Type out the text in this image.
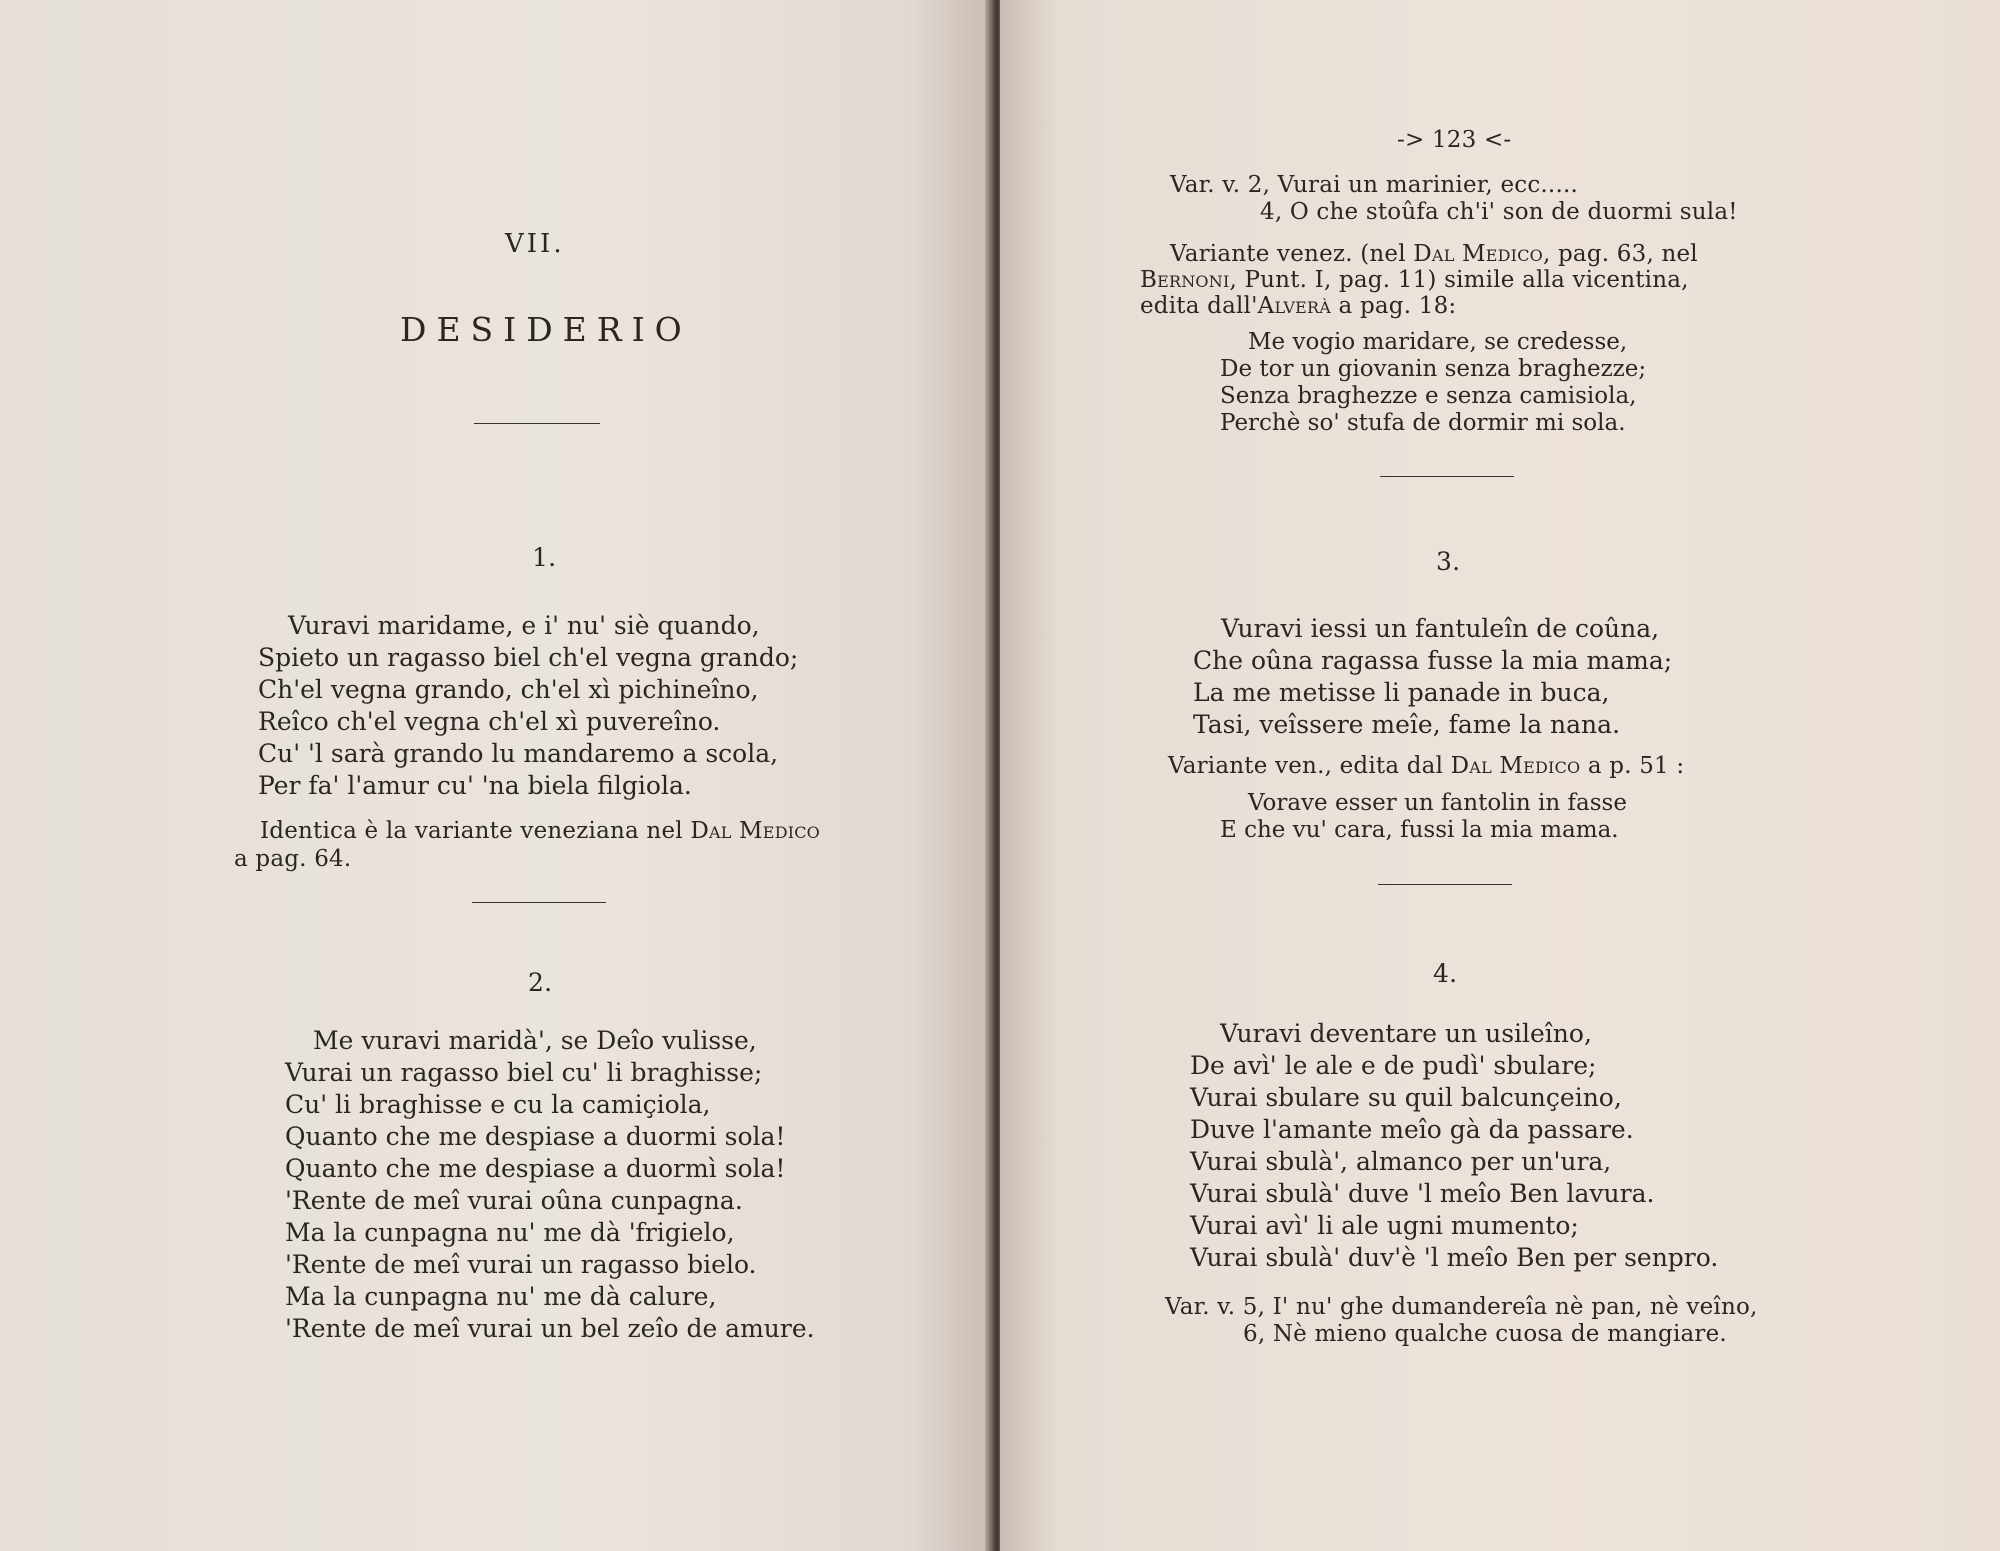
VII.
DESIDERIO
1.
Vuravi maridame, e i' nu' siè quando,
Spieto un ragasso biel ch'el vegna grando;
Ch'el vegna grando, ch'el xì pichineîno,
Reîco ch'el vegna ch'el xì puvereîno.
Cu' 'l sarà grando lu mandaremo a scola,
Per fa' l'amur cu' 'na biela filgiola.
Identica è la variante veneziana nel Dal Medico
a pag. 64.
2.
Me vuravi maridà', se Deîo vulisse,
Vurai un ragasso biel cu' li braghisse;
Cu' li braghisse e cu la camiçiola,
Quanto che me despiase a duormi sola!
Quanto che me despiase a duormì sola!
'Rente de meî vurai oûna cunpagna.
Ma la cunpagna nu' me dà 'frigielo,
'Rente de meî vurai un ragasso bielo.
Ma la cunpagna nu' me dà calure,
'Rente de meî vurai un bel zeîo de amure.
-> 123 <-
Var. v. 2, Vurai un marinier, ecc.....
4, O che stoûfa ch'i' son de duormi sula!
Variante venez. (nel Dal Medico, pag. 63, nel
Bernoni, Punt. I, pag. 11) simile alla vicentina,
edita dall'Alverà a pag. 18:
Me vogio maridare, se credesse,
De tor un giovanin senza braghezze;
Senza braghezze e senza camisiola,
Perchè so' stufa de dormir mi sola.
3.
Vuravi iessi un fantuleîn de coûna,
Che oûna ragassa fusse la mia mama;
La me metisse li panade in buca,
Tasi, veîssere meîe, fame la nana.
Variante ven., edita dal Dal Medico a p. 51 :
Vorave esser un fantolin in fasse
E che vu' cara, fussi la mia mama.
4.
Vuravi deventare un usileîno,
De avì' le ale e de pudì' sbulare;
Vurai sbulare su quil balcunçeino,
Duve l'amante meîo gà da passare.
Vurai sbulà', almanco per un'ura,
Vurai sbulà' duve 'l meîo Ben lavura.
Vurai avì' li ale ugni mumento;
Vurai sbulà' duv'è 'l meîo Ben per senpro.
Var. v. 5, I' nu' ghe dumandereîa nè pan, nè veîno,
6, Nè mieno qualche cuosa de mangiare.
